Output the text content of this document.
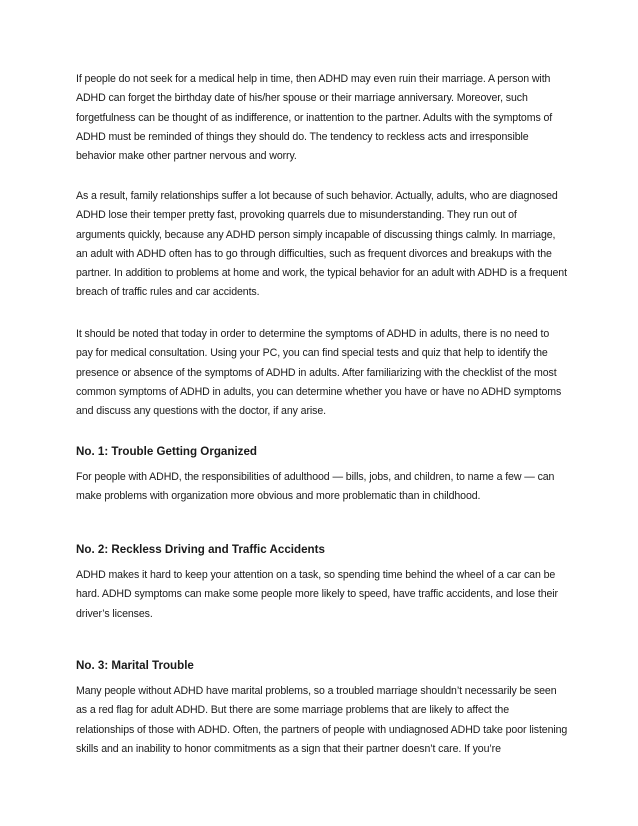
If people do not seek for a medical help in time, then ADHD may even ruin their marriage. A person with ADHD can forget the birthday date of his/her spouse or their marriage anniversary. Moreover, such forgetfulness can be thought of as indifference, or inattention to the partner. Adults with the symptoms of ADHD must be reminded of things they should do. The tendency to reckless acts and irresponsible behavior make other partner nervous and worry.

As a result, family relationships suffer a lot because of such behavior. Actually, adults, who are diagnosed ADHD lose their temper pretty fast, provoking quarrels due to misunderstanding. They run out of arguments quickly, because any ADHD person simply incapable of discussing things calmly. In marriage, an adult with ADHD often has to go through difficulties, such as frequent divorces and breakups with the partner. In addition to problems at home and work, the typical behavior for an adult with ADHD is a frequent breach of traffic rules and car accidents.

It should be noted that today in order to determine the symptoms of ADHD in adults, there is no need to pay for medical consultation. Using your PC, you can find special tests and quiz that help to identify the presence or absence of the symptoms of ADHD in adults. After familiarizing with the checklist of the most common symptoms of ADHD in adults, you can determine whether you have or have no ADHD symptoms and discuss any questions with the doctor, if any arise.

No. 1: Trouble Getting Organized

For people with ADHD, the responsibilities of adulthood — bills, jobs, and children, to name a few — can make problems with organization more obvious and more problematic than in childhood.

No. 2: Reckless Driving and Traffic Accidents

ADHD makes it hard to keep your attention on a task, so spending time behind the wheel of a car can be hard. ADHD symptoms can make some people more likely to speed, have traffic accidents, and lose their driver’s licenses.

No. 3: Marital Trouble

Many people without ADHD have marital problems, so a troubled marriage shouldn’t necessarily be seen as a red flag for adult ADHD. But there are some marriage problems that are likely to affect the relationships of those with ADHD. Often, the partners of people with undiagnosed ADHD take poor listening skills and an inability to honor commitments as a sign that their partner doesn’t care. If you’re
